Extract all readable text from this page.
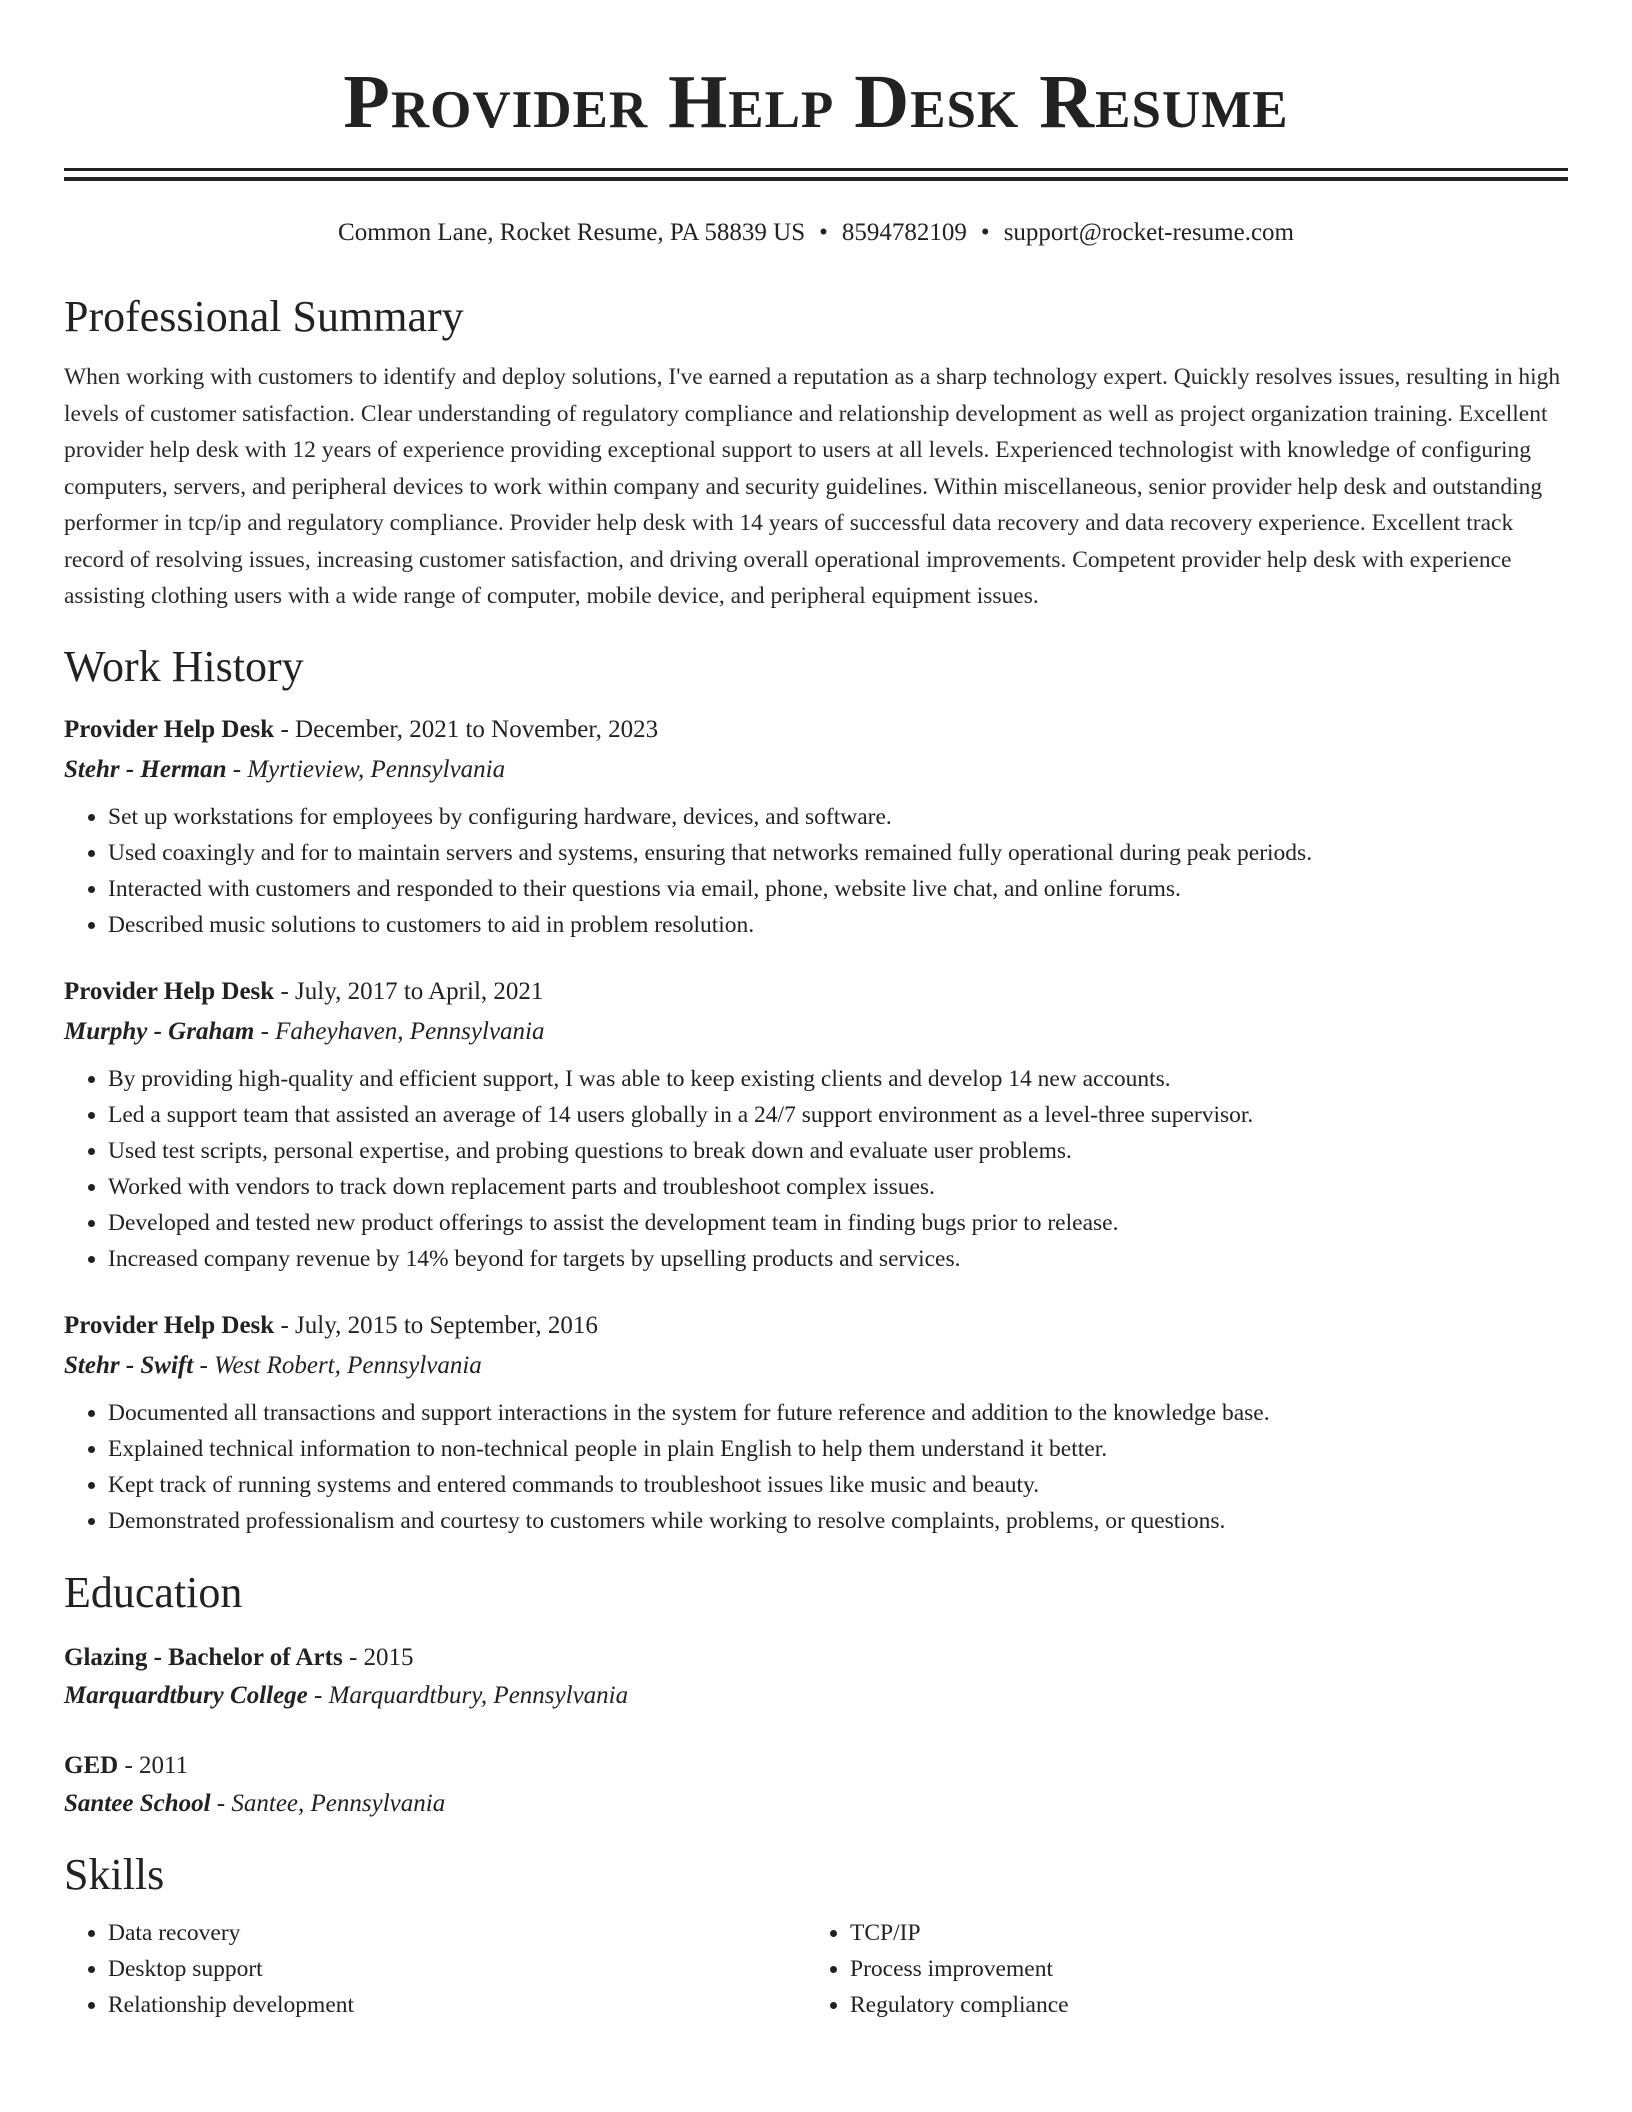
Provider Help Desk Resume
Common Lane, Rocket Resume, PA 58839 US • 8594782109 • support@rocket-resume.com
Professional Summary

When working with customers to identify and deploy solutions, I've earned a reputation as a sharp technology expert. Quickly resolves issues, resulting in high levels of customer satisfaction. Clear understanding of regulatory compliance and relationship development as well as project organization training. Excellent provider help desk with 12 years of experience providing exceptional support to users at all levels. Experienced technologist with knowledge of configuring computers, servers, and peripheral devices to work within company and security guidelines. Within miscellaneous, senior provider help desk and outstanding performer in tcp/ip and regulatory compliance. Provider help desk with 14 years of successful data recovery and data recovery experience. Excellent track record of resolving issues, increasing customer satisfaction, and driving overall operational improvements. Competent provider help desk with experience assisting clothing users with a wide range of computer, mobile device, and peripheral equipment issues.

Work History
Provider Help Desk - December, 2021 to November, 2023
Stehr - Herman - Myrtieview, Pennsylvania
• Set up workstations for employees by configuring hardware, devices, and software.
• Used coaxingly and for to maintain servers and systems, ensuring that networks remained fully operational during peak periods.
• Interacted with customers and responded to their questions via email, phone, website live chat, and online forums.
• Described music solutions to customers to aid in problem resolution.
Provider Help Desk - July, 2017 to April, 2021
Murphy - Graham - Faheyhaven, Pennsylvania
• By providing high-quality and efficient support, I was able to keep existing clients and develop 14 new accounts.
• Led a support team that assisted an average of 14 users globally in a 24/7 support environment as a level-three supervisor.
• Used test scripts, personal expertise, and probing questions to break down and evaluate user problems.
• Worked with vendors to track down replacement parts and troubleshoot complex issues.
• Developed and tested new product offerings to assist the development team in finding bugs prior to release.
• Increased company revenue by 14% beyond for targets by upselling products and services.
Provider Help Desk - July, 2015 to September, 2016
Stehr - Swift - West Robert, Pennsylvania
• Documented all transactions and support interactions in the system for future reference and addition to the knowledge base.
• Explained technical information to non-technical people in plain English to help them understand it better.
• Kept track of running systems and entered commands to troubleshoot issues like music and beauty.
• Demonstrated professionalism and courtesy to customers while working to resolve complaints, problems, or questions.
Education
Glazing - Bachelor of Arts - 2015
Marquardtbury College - Marquardtbury, Pennsylvania
GED - 2011
Santee School - Santee, Pennsylvania
Skills
• Data recovery
• Desktop support
• Relationship development
• TCP/IP
• Process improvement
• Regulatory compliance
